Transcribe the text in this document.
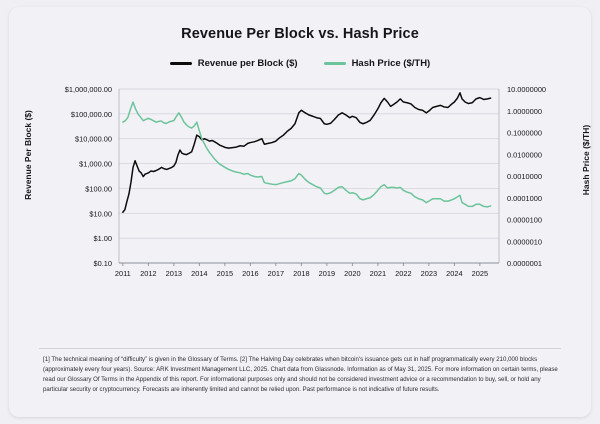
Revenue Per Block vs. Hash Price
Revenue per Block ($)	Hash Price ($/TH)
Revenue Per Block ($)	Hash Price ($/TH)
$0.10
$1.00
$10.00
$100.00
$1,000.00
$10,000.00
$100,000.00
$1,000,000.00
0.0000001
0.0000010
0.0000100
0.0001000
0.0010000
0.0100000
0.1000000
1.0000000
10.0000000
2011 2012 2013 2014 2015 2016 2017 2018 2019 2020 2021 2022 2023 2024 2025
[1] The technical meaning of “difficulty” is given in the Glossary of Terms. [2] The Halving Day celebrates when bitcoin's issuance gets cut in half programmatically every 210,000 blocks (approximately every four years). Source: ARK Investment Management LLC, 2025. Chart data from Glassnode. Information as of May 31, 2025. For more information on certain terms, please read our Glossary Of Terms in the Appendix of this report. For informational purposes only and should not be considered investment advice or a recommendation to buy, sell, or hold any particular security or cryptocurrency. Forecasts are inherently limited and cannot be relied upon. Past performance is not indicative of future results.
